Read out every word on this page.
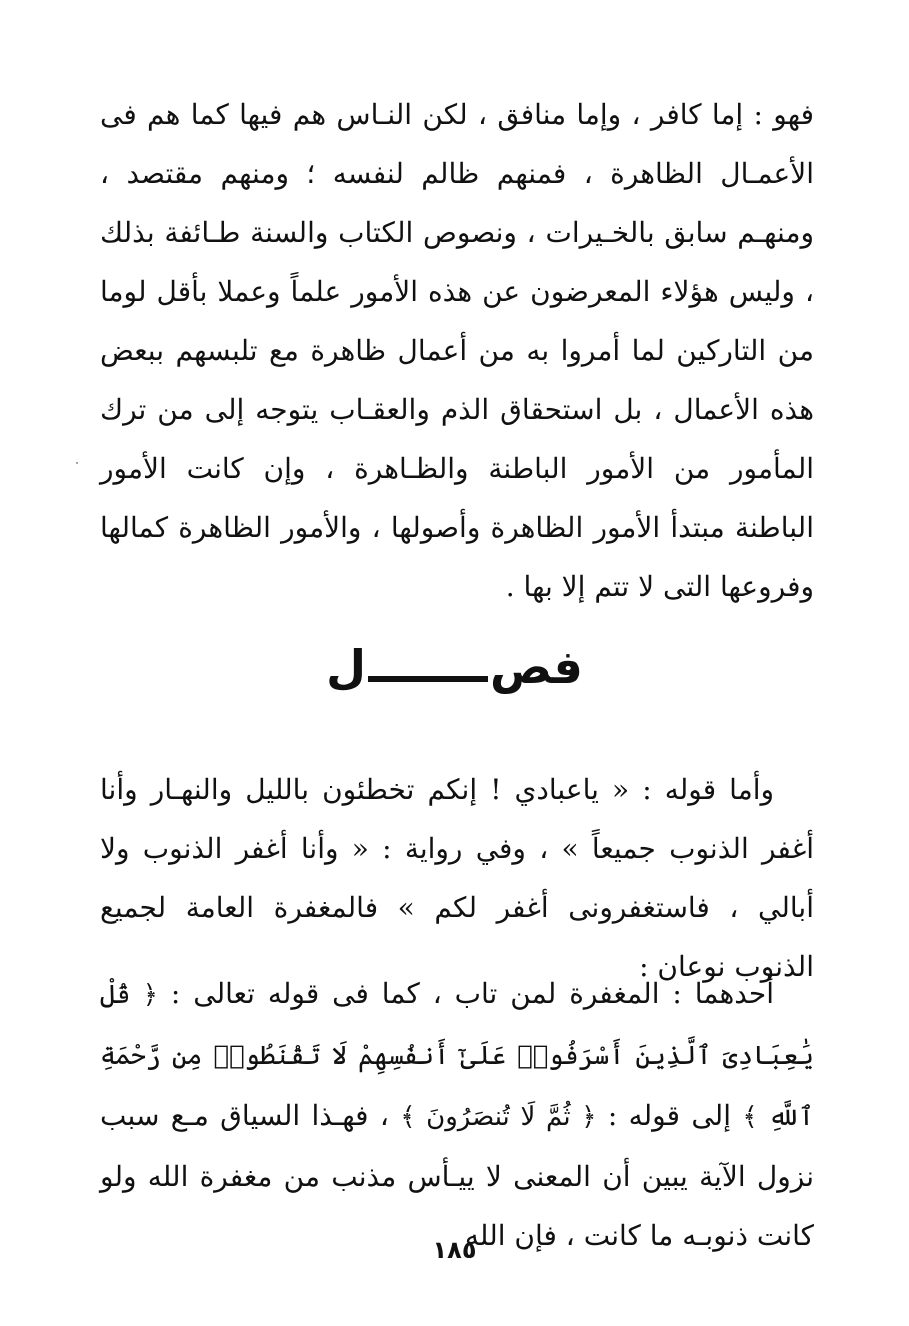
فهو : إما كافر ، وإما منافق ، لكن النـاس هم فيها كما هم فى الأعمـال الظاهرة ، فمنهم ظالم لنفسه ؛ ومنهم مقتصد ، ومنهـم سابق بالخـيرات ، ونصوص الكتاب والسنة طـائفة بذلك ، وليس هؤلاء المعرضون عن هذه الأمور علماً وعملا بأقل لوما من التاركين لما أمروا به من أعمال ظاهرة مع تلبسهم ببعض هذه الأعمال ، بل استحقاق الذم والعقـاب يتوجه إلى من ترك المأمور من الأمور الباطنة والظـاهرة ، وإن كانت الأمور الباطنة مبتدأ الأمور الظاهرة وأصولها ، والأمور الظاهرة كمالها وفروعها التى لا تتم إلا بها .

فصل

وأما قوله : « ياعبادي ! إنكم تخطئون بالليل والنهـار وأنا أغفر الذنوب جميعاً » ، وفي رواية : « وأنا أغفر الذنوب ولا أبالي ، فاستغفرونى أغفر لكم » فالمغفرة العامة لجميع الذنوب نوعان :

أحدهما : المغفرة لمن تاب ، كما فى قوله تعالى : ﴿ قُلْ يَٰعِبَادِىَ ٱلَّذِينَ أَسْرَفُوا۟ عَلَىٰٓ أَنفُسِهِمْ لَا تَقْنَطُوا۟ مِن رَّحْمَةِ ٱللَّهِ ﴾ إلى قوله : ﴿ ثُمَّ لَا تُنصَرُونَ ﴾ ، فهـذا السياق مـع سبب نزول الآية يبين أن المعنى لا ييـأس مذنب من مغفرة الله ولو كانت ذنوبـه ما كانت ، فإن الله

١٨٥
